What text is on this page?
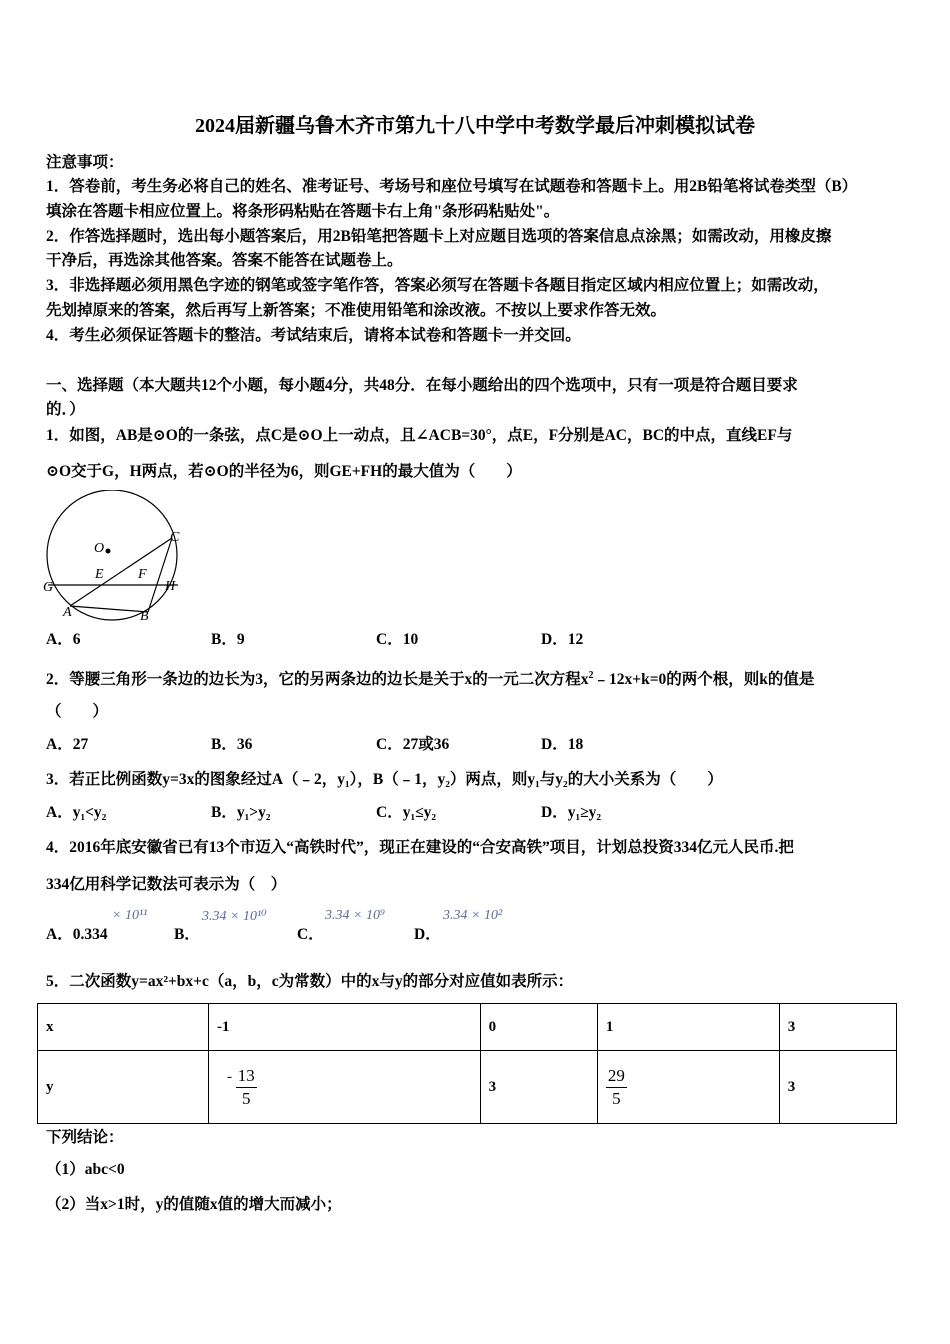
2024届新疆乌鲁木齐市第九十八中学中考数学最后冲刺模拟试卷
注意事项：
1．答卷前，考生务必将自己的姓名、准考证号、考场号和座位号填写在试题卷和答题卡上。用2B铅笔将试卷类型（B）
填涂在答题卡相应位置上。将条形码粘贴在答题卡右上角"条形码粘贴处"。
2．作答选择题时，选出每小题答案后，用2B铅笔把答题卡上对应题目选项的答案信息点涂黑；如需改动，用橡皮擦
干净后，再选涂其他答案。答案不能答在试题卷上。
3．非选择题必须用黑色字迹的钢笔或签字笔作答，答案必须写在答题卡各题目指定区域内相应位置上；如需改动，
先划掉原来的答案，然后再写上新答案；不准使用铅笔和涂改液。不按以上要求作答无效。
4．考生必须保证答题卡的整洁。考试结束后，请将本试卷和答题卡一并交回。
一、选择题（本大题共12个小题，每小题4分，共48分．在每小题给出的四个选项中，只有一项是符合题目要求
的．）
1．如图，AB是⊙O的一条弦，点C是⊙O上一动点，且∠ACB=30°，点E，F分别是AC，BC的中点，直线EF与
⊙O交于G，H两点，若⊙O的半径为6，则GE+FH的最大值为（　　）
O
C
E F
G	H
A	B
A．6	B．9	C．10	D．12
2．等腰三角形一条边的边长为3，它的另两条边的边长是关于x的一元二次方程$x^2﹣12x+k=0$的两个根，则k的值是
（　　）
A．27	B．36	C．27或36	D．18
3．若正比例函数y=3x的图象经过A（﹣2，y₁），B（﹣1，y₂）两点，则y₁与y₂的大小关系为（　　）
A．y₁<y₂	B．y₁>y₂	C．y₁≤y₂	D．y₁≥y₂
4．2016年底安徽省已有13个市迈入“高铁时代”，现正在建设的“合安高铁”项目，计划总投资334亿元人民币.把
334亿用科学记数法可表示为（　）
× 10¹¹	3.34 × 10¹⁰	3.34 × 10⁹	3.34 × 10²
A．0.334	B．	C．	D．
5．二次函数y=ax²+bx+c（a，b，c为常数）中的x与y的部分对应值如表所示：
x	-1	0	1	3
y	- $\frac{13}{5}$	3	$\frac{29}{5}$	3
下列结论：
（1）abc<0
（2）当x>1时，y的值随x值的增大而减小；
